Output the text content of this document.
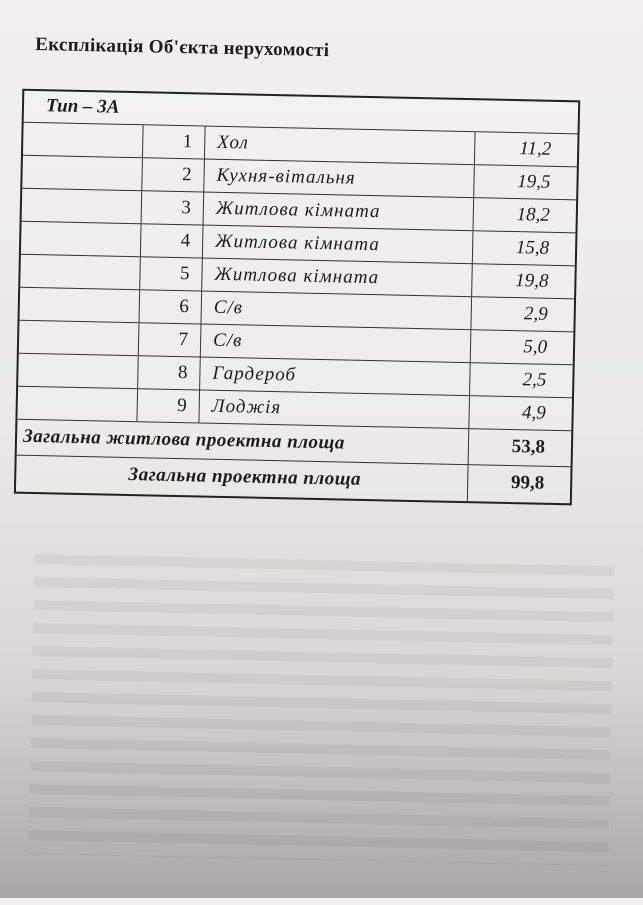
Експлікація Об'єкта нерухомості
Тип – 3А
1	Хол	11,2
2	Кухня-вітальня	19,5
3	Житлова кімната	18,2
4	Житлова кімната	15,8
5	Житлова кімната	19,8
6	С/в	2,9
7	С/в	5,0
8	Гардероб	2,5
9	Лоджія	4,9
Загальна житлова проектна площа	53,8
Загальна проектна площа	99,8
